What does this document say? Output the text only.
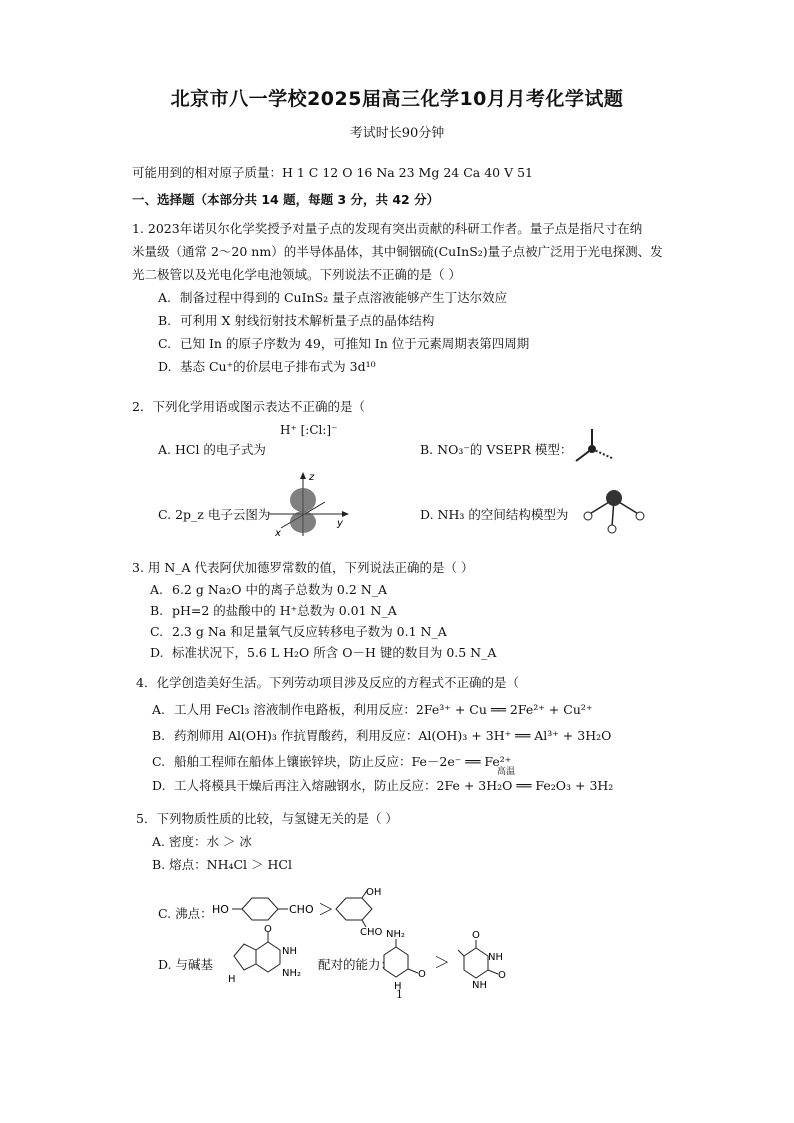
北京市八一学校2025届高三化学10月月考化学试题
考试时长90分钟
可能用到的相对原子质量：H 1 C 12 O 16 Na 23 Mg 24 Ca 40 V 51
一、选择题（本部分共 14 题，每题 3 分，共 42 分）
1. 2023年诺贝尔化学奖授予对量子点的发现有突出贡献的科研工作者。量子点是指尺寸在纳
米量级（通常 2～20 nm）的半导体晶体，其中铜铟硫(CuInS₂)量子点被广泛用于光电探测、发
光二极管以及光电化学电池领域。下列说法不正确的是（ ）
A. 制备过程中得到的 CuInS₂ 量子点溶液能够产生丁达尔效应
B. 可利用 X 射线衍射技术解析量子点的晶体结构
C. 已知 In 的原子序数为 49，可推知 In 位于元素周期表第四周期
D. 基态 Cu⁺的价层电子排布式为 3d¹⁰
2．下列化学用语或图示表达不正确的是（
A. HCl 的电子式为
H⁺ [:Cl:]⁻
B. NO₃⁻的 VSEPR 模型：
C. 2p_z 电子云图为
z
x
y
D. NH₃ 的空间结构模型为
3. 用 N_A 代表阿伏加德罗常数的值，下列说法正确的是（ ）
A. 6.2 g Na₂O 中的离子总数为 0.2 N_A
B. pH=2 的盐酸中的 H⁺总数为 0.01 N_A
C. 2.3 g Na 和足量氧气反应转移电子数为 0.1 N_A
D. 标准状况下，5.6 L H₂O 所含 O－H 键的数目为 0.5 N_A
4．化学创造美好生活。下列劳动项目涉及反应的方程式不正确的是（
A. 工人用 FeCl₃ 溶液制作电路板，利用反应：2Fe³⁺ + Cu ══ 2Fe²⁺ + Cu²⁺
B. 药剂师用 Al(OH)₃ 作抗胃酸药，利用反应：Al(OH)₃ + 3H⁺ ══ Al³⁺ + 3H₂O
C. 船舶工程师在船体上镶嵌锌块，防止反应：Fe－2e⁻ ══ Fe²⁺
高温
D. 工人将模具干燥后再注入熔融钢水，防止反应：2Fe + 3H₂O ══ Fe₂O₃ + 3H₂
5．下列物质性质的比较，与氢键无关的是（ ）
A. 密度：水 ＞ 冰
B. 熔点：NH₄Cl ＞ HCl
C. 沸点： HO	CHO ＞
OH
CHO
D. 与碱基
O
NH
NH₂
H
配对的能力：
NH₂
O
H
1
＞
O
NH
O
NH
